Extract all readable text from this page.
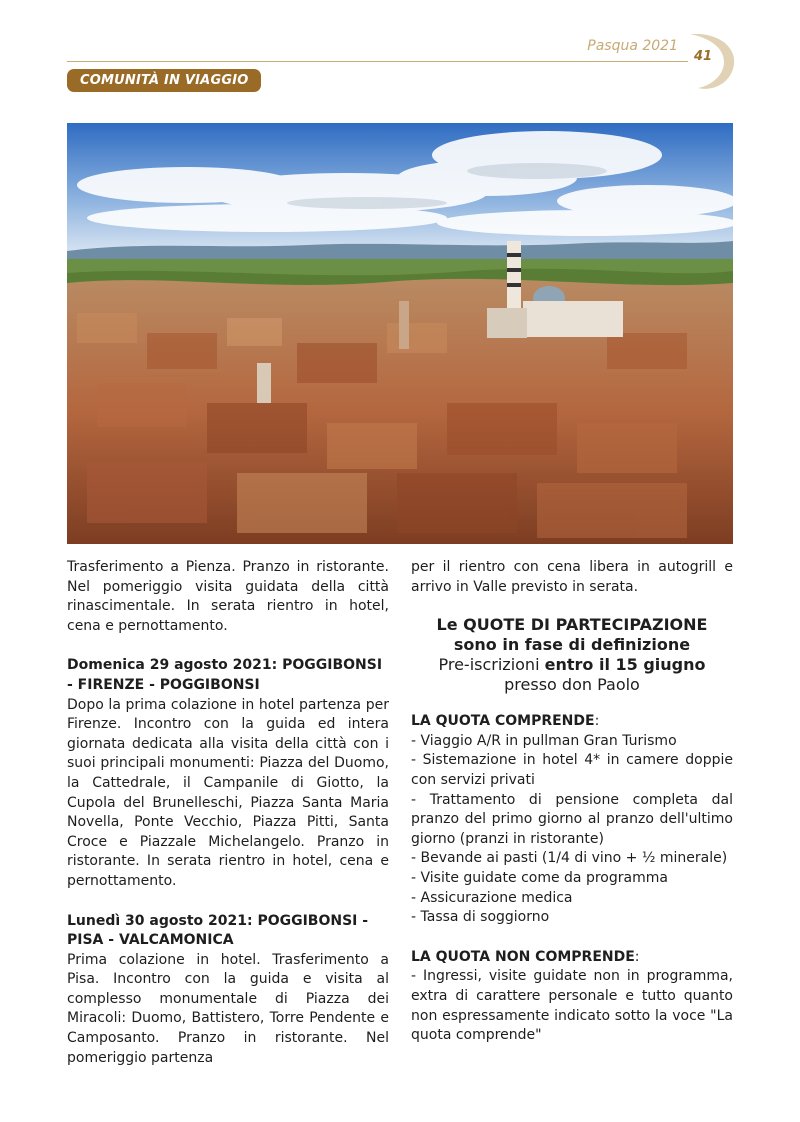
Pasqua 2021
41
COMUNITÀ IN VIAGGIO

Trasferimento a Pienza. Pranzo in ristorante. Nel pomeriggio visita guidata della città rinascimentale. In serata rientro in hotel, cena e pernottamento.

Domenica 29 agosto 2021: POGGIBONSI - FIRENZE - POGGIBONSI

Dopo la prima colazione in hotel partenza per Firenze. Incontro con la guida ed intera giornata dedicata alla visita della città con i suoi principali monumenti: Piazza del Duomo, la Cattedrale, il Campanile di Giotto, la Cupola del Brunelleschi, Piazza Santa Maria Novella, Ponte Vecchio, Piazza Pitti, Santa Croce e Piazzale Michelangelo. Pranzo in ristorante. In serata rientro in hotel, cena e pernottamento.

Lunedì 30 agosto 2021: POGGIBONSI - PISA - VALCAMONICA

Prima colazione in hotel. Trasferimento a Pisa. Incontro con la guida e visita al complesso monumentale di Piazza dei Miracoli: Duomo, Battistero, Torre Pendente e Camposanto. Pranzo in ristorante. Nel pomeriggio partenza

per il rientro con cena libera in autogrill e arrivo in Valle previsto in serata.

Le QUOTE DI PARTECIPAZIONE
sono in fase di definizione
Pre-iscrizioni entro il 15 giugno
presso don Paolo

LA QUOTA COMPRENDE:

- Viaggio A/R in pullman Gran Turismo

- Sistemazione in hotel 4* in camere doppie con servizi privati

- Trattamento di pensione completa dal pranzo del primo giorno al pranzo dell'ultimo giorno (pranzi in ristorante)

- Bevande ai pasti (1/4 di vino + ½ minerale)

- Visite guidate come da programma

- Assicurazione medica

- Tassa di soggiorno

LA QUOTA NON COMPRENDE:

- Ingressi, visite guidate non in programma, extra di carattere personale e tutto quanto non espressamente indicato sotto la voce "La quota comprende"
